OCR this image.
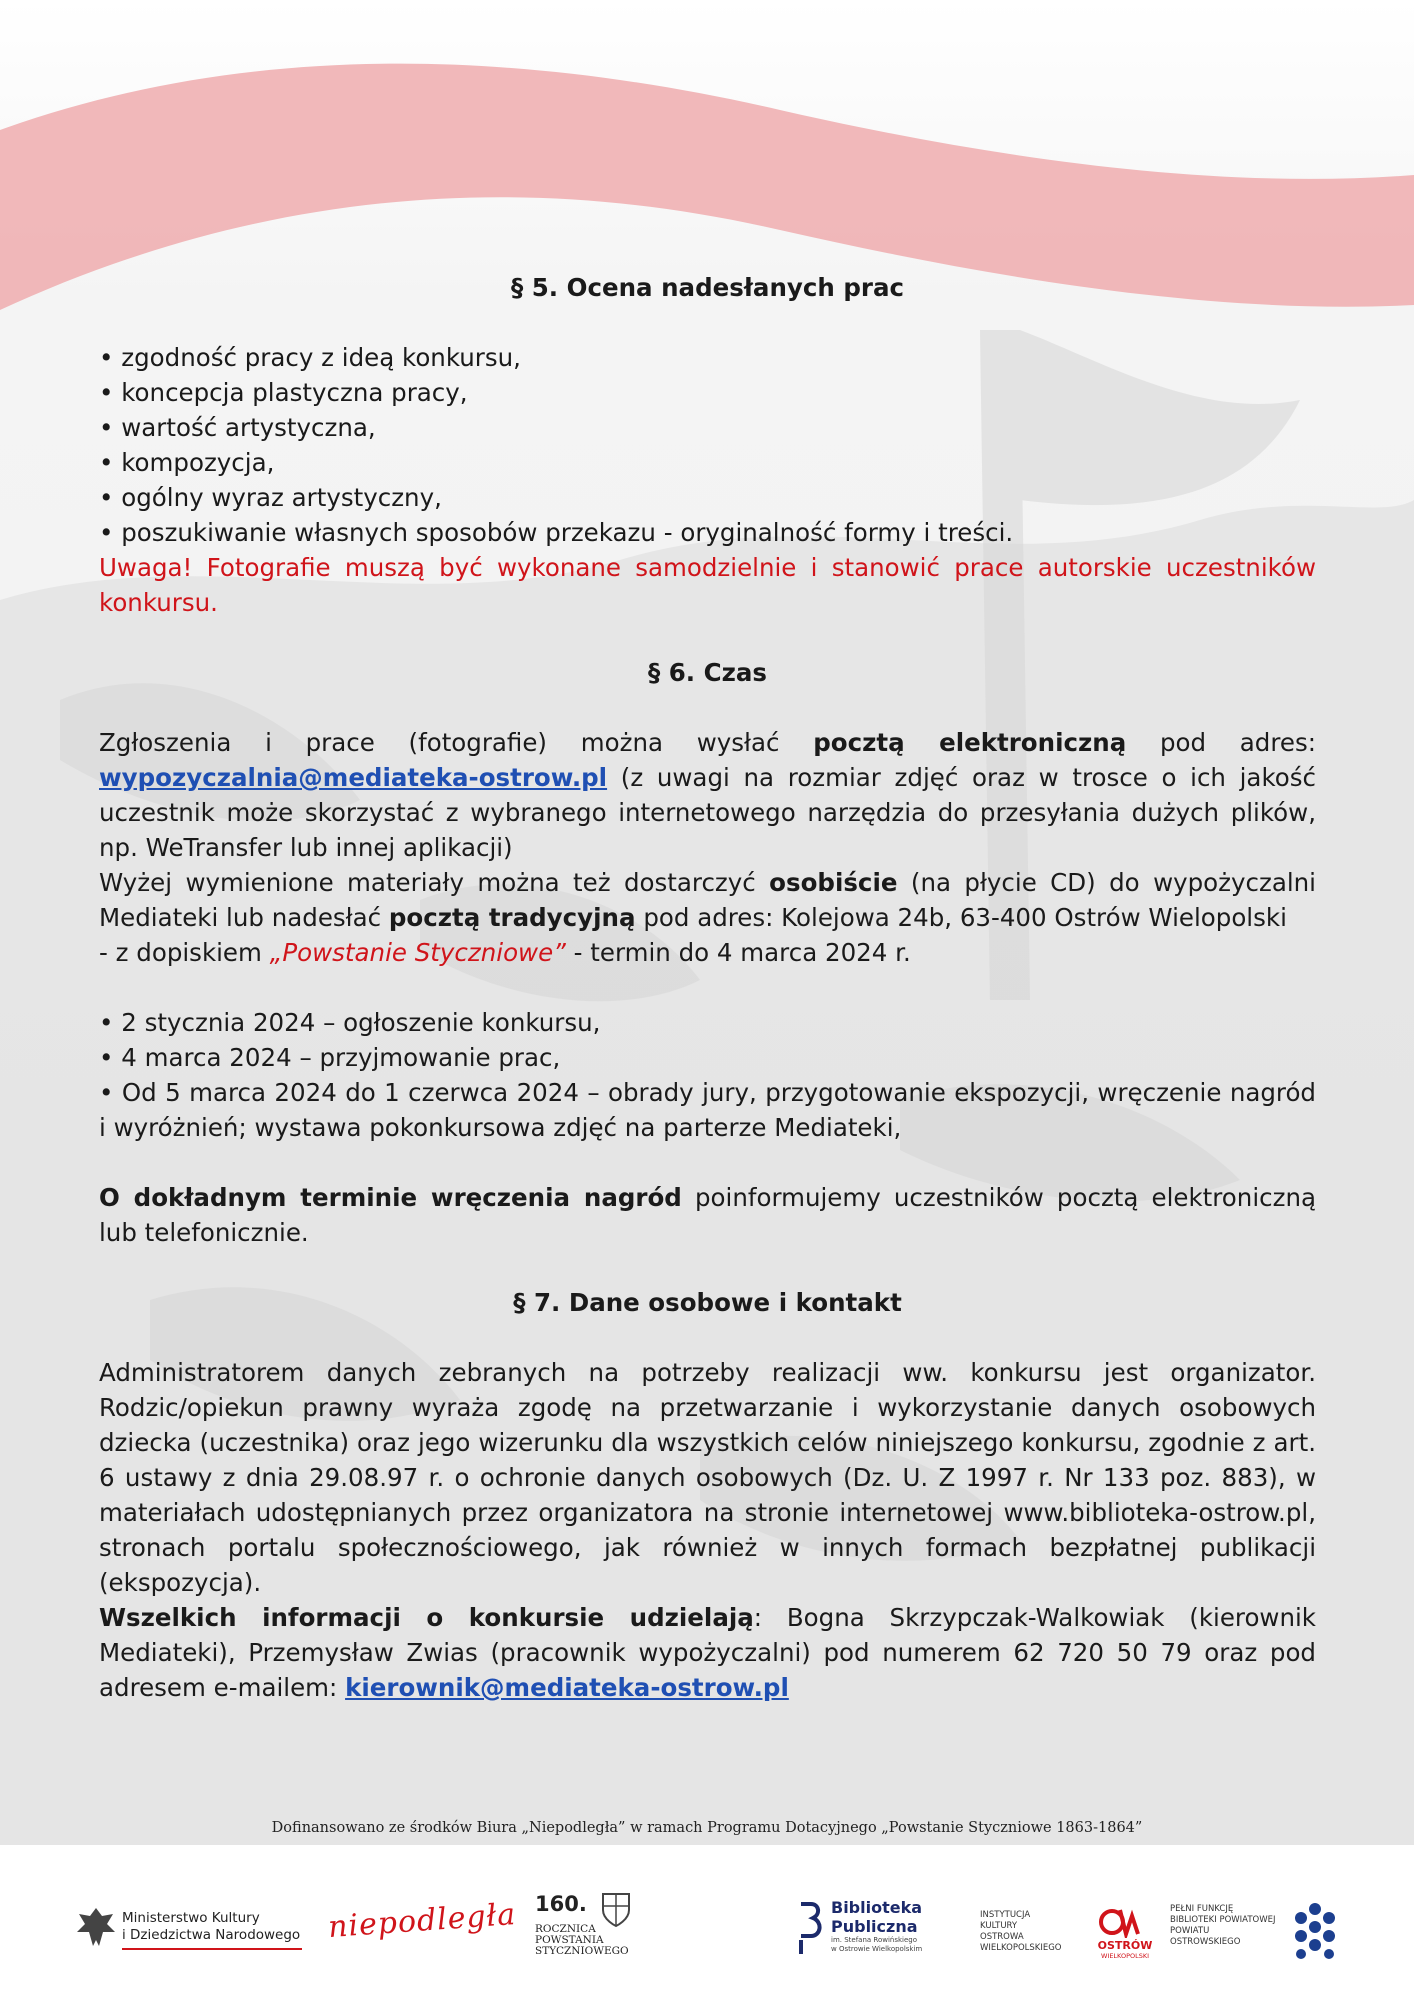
§ 5. Ocena nadesłanych prac

• zgodność pracy z ideą konkursu,

• koncepcja plastyczna pracy,

• wartość artystyczna,

• kompozycja,

• ogólny wyraz artystyczny,

• poszukiwanie własnych sposobów przekazu - oryginalność formy i treści.

Uwaga! Fotografie muszą być wykonane samodzielnie i stanowić prace autorskie uczestników konkursu.

§ 6. Czas

Zgłoszenia i prace (fotografie) można wysłać pocztą elektroniczną pod adres: wypozyczalnia@mediateka-ostrow.pl (z uwagi na rozmiar zdjęć oraz w trosce o ich jakość uczestnik może skorzystać z wybranego internetowego narzędzia do przesyłania dużych plików, np. WeTransfer lub innej aplikacji)

Wyżej wymienione materiały można też dostarczyć osobiście (na płycie CD) do wypożyczalni Mediateki lub nadesłać pocztą tradycyjną pod adres: Kolejowa 24b, 63-400 Ostrów Wielopolski

- z dopiskiem „Powstanie Styczniowe” - termin do 4 marca 2024 r.

• 2 stycznia 2024 – ogłoszenie konkursu,

• 4 marca 2024 – przyjmowanie prac,

• Od 5 marca 2024 do 1 czerwca 2024 – obrady jury, przygotowanie ekspozycji, wręczenie nagród i wyróżnień; wystawa pokonkursowa zdjęć na parterze Mediateki,

O dokładnym terminie wręczenia nagród poinformujemy uczestników pocztą elektroniczną lub telefonicznie.

§ 7. Dane osobowe i kontakt

Administratorem danych zebranych na potrzeby realizacji ww. konkursu jest organizator. Rodzic/opiekun prawny wyraża zgodę na przetwarzanie i wykorzystanie danych osobowych dziecka (uczestnika) oraz jego wizerunku dla wszystkich celów niniejszego konkursu, zgodnie z art. 6 ustawy z dnia 29.08.97 r. o ochronie danych osobowych (Dz. U. Z 1997 r. Nr 133 poz. 883), w materiałach udostępnianych przez organizatora na stronie internetowej www.biblioteka-ostrow.pl, stronach portalu społecznościowego, jak również w innych formach bezpłatnej publikacji (ekspozycja).

Wszelkich informacji o konkursie udzielają: Bogna Skrzypczak-Walkowiak (kierownik Mediateki), Przemysław Zwias (pracownik wypożyczalni) pod numerem 62 720 50 79 oraz pod adresem e-mailem: kierownik@mediateka-ostrow.pl

Dofinansowano ze środków Biura „Niepodległa” w ramach Programu Dotacyjnego „Powstanie Styczniowe 1863-1864”
Ministerstwo Kultury
i Dziedzictwa Narodowego niepodległa 160.
ROCZNICA
POWSTANIA
STYCZNIOWEGO
Biblioteka
Publiczna
im. Stefana Rowińskiego
w Ostrowie Wielkopolskim
INSTYTUCJA
KULTURY
OSTROWA
WIELKOPOLSKIEGO	OSTRÓW
WIELKOPOLSKI
PEŁNI FUNKCJĘ
BIBLIOTEKI POWIATOWEJ
POWIATU
OSTROWSKIEGO
